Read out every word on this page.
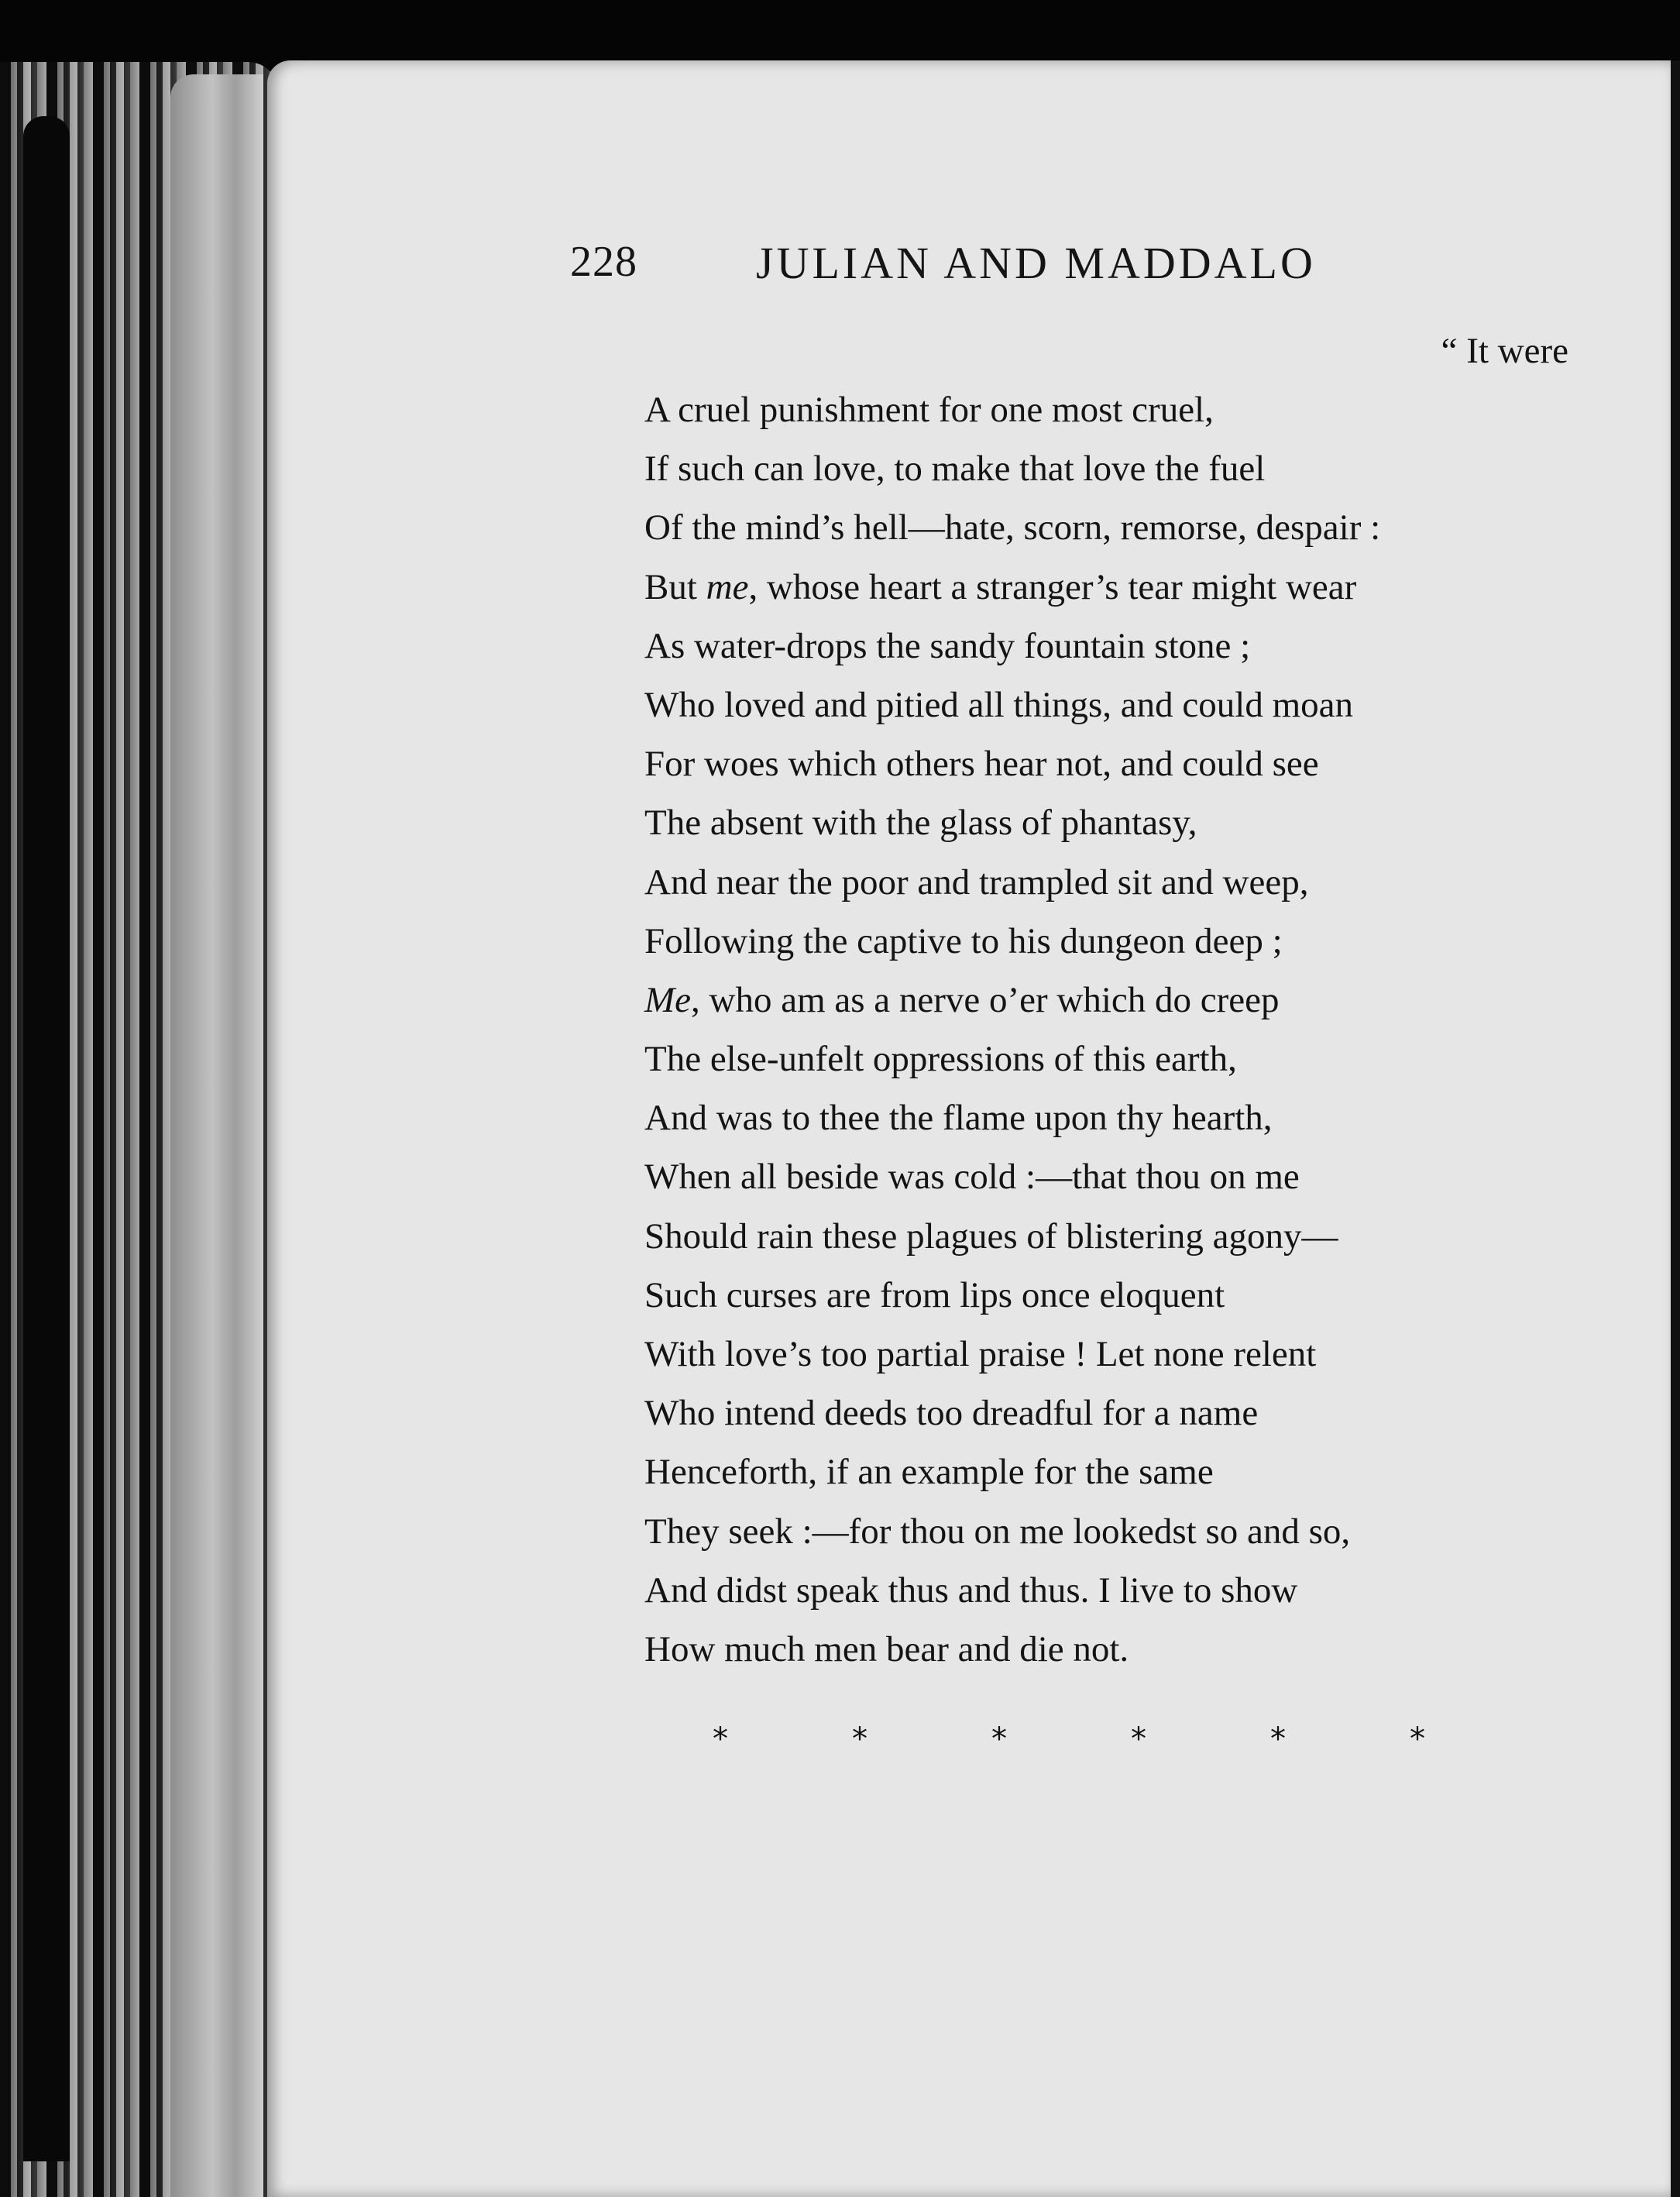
228	JULIAN AND MADDALO
“ It were
A cruel punishment for one most cruel,
If such can love, to make that love the fuel
Of the mind’s hell—hate, scorn, remorse, despair :
But me, whose heart a stranger’s tear might wear
As water-drops the sandy fountain stone ;
Who loved and pitied all things, and could moan
For woes which others hear not, and could see
The absent with the glass of phantasy,
And near the poor and trampled sit and weep,
Following the captive to his dungeon deep ;
Me, who am as a nerve o’er which do creep
The else-unfelt oppressions of this earth,
And was to thee the flame upon thy hearth,
When all beside was cold :—that thou on me
Should rain these plagues of blistering agony—
Such curses are from lips once eloquent
With love’s too partial praise ! Let none relent
Who intend deeds too dreadful for a name
Henceforth, if an example for the same
They seek :—for thou on me lookedst so and so,
And didst speak thus and thus. I live to show
How much men bear and die not.
*	*	*	*	*	*
